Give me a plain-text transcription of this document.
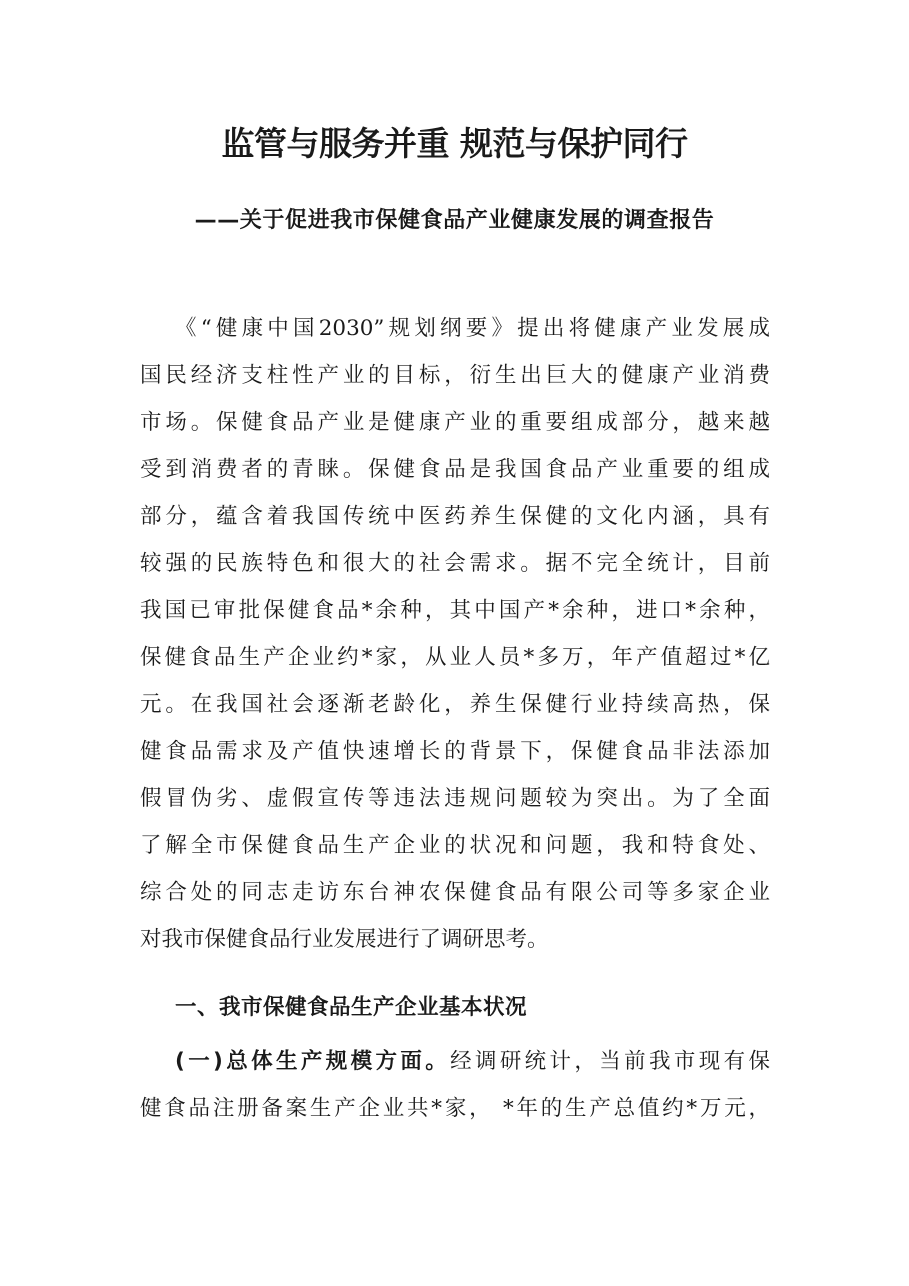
监管与服务并重 规范与保护同行
——关于促进我市保健食品产业健康发展的调查报告
《“健康中国2030”规划纲要》提出将健康产业发展成
国民经济支柱性产业的目标，衍生出巨大的健康产业消费
市场。保健食品产业是健康产业的重要组成部分，越来越
受到消费者的青睐。保健食品是我国食品产业重要的组成
部分，蕴含着我国传统中医药养生保健的文化内涵，具有
较强的民族特色和很大的社会需求。据不完全统计，目前
我国已审批保健食品*余种，其中国产*余种，进口*余种，
保健食品生产企业约*家，从业人员*多万，年产值超过*亿
元。在我国社会逐渐老龄化，养生保健行业持续高热，保
健食品需求及产值快速增长的背景下，保健食品非法添加
假冒伪劣、虚假宣传等违法违规问题较为突出。为了全面
了解全市保健食品生产企业的状况和问题，我和特食处、
综合处的同志走访东台神农保健食品有限公司等多家企业
对我市保健食品行业发展进行了调研思考。
一、我市保健食品生产企业基本状况
(一)总体生产规模方面。经调研统计，当前我市现有保
健食品注册备案生产企业共*家， *年的生产总值约*万元，
